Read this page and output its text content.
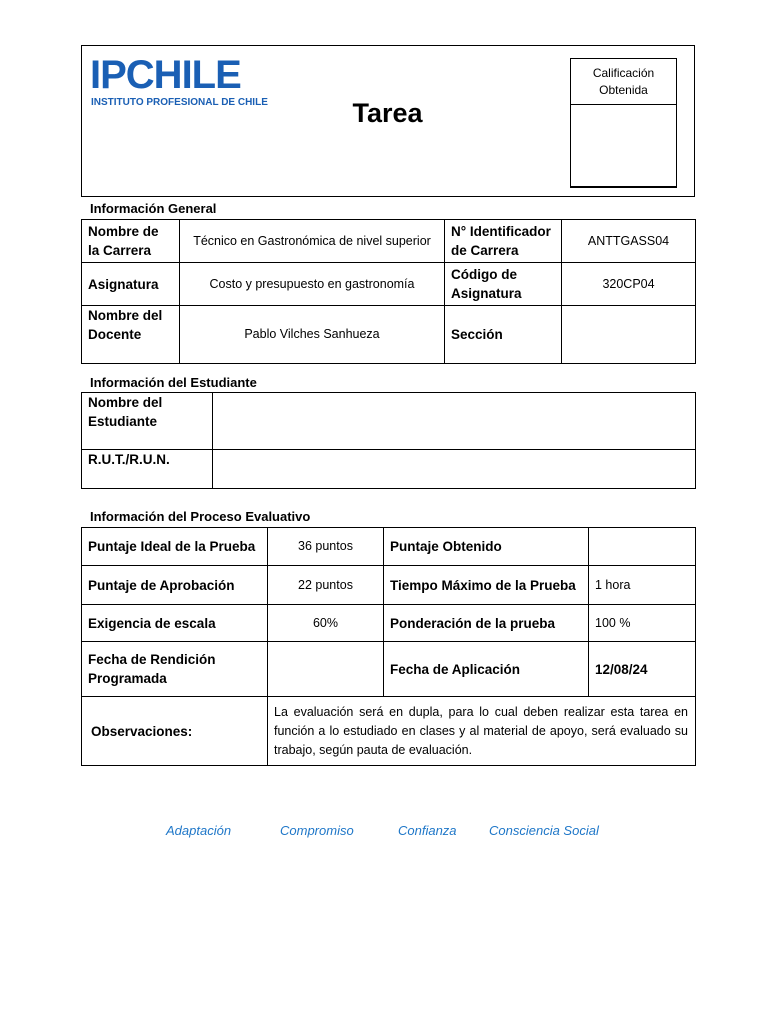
IPCHILE
INSTITUTO PROFESIONAL DE CHILE	Tarea
Calificación Obtenida
Información General
Nombre de la Carrera	Técnico en Gastronómica de nivel superior	N° Identificador de Carrera	ANTTGASS04
Asignatura	Costo y presupuesto en gastronomía	Código de Asignatura	320CP04
Nombre del Docente	Pablo Vilches Sanhueza	Sección	
Información del Estudiante
Nombre del Estudiante	
R.U.T./R.U.N.	
Información del Proceso Evaluativo
Puntaje Ideal de la Prueba	36 puntos	Puntaje Obtenido	
Puntaje de Aprobación	22 puntos	Tiempo Máximo de la Prueba	1 hora
Exigencia de escala	60%	Ponderación de la prueba	100 %
Fecha de Rendición Programada		Fecha de Aplicación	12/08/24
Observaciones:	La evaluación será en dupla, para lo cual deben realizar esta tarea en función a lo estudiado en clases y al material de apoyo, será evaluado su trabajo, según pauta de evaluación.		
Adaptación	Compromiso	Confianza Consciencia Social
